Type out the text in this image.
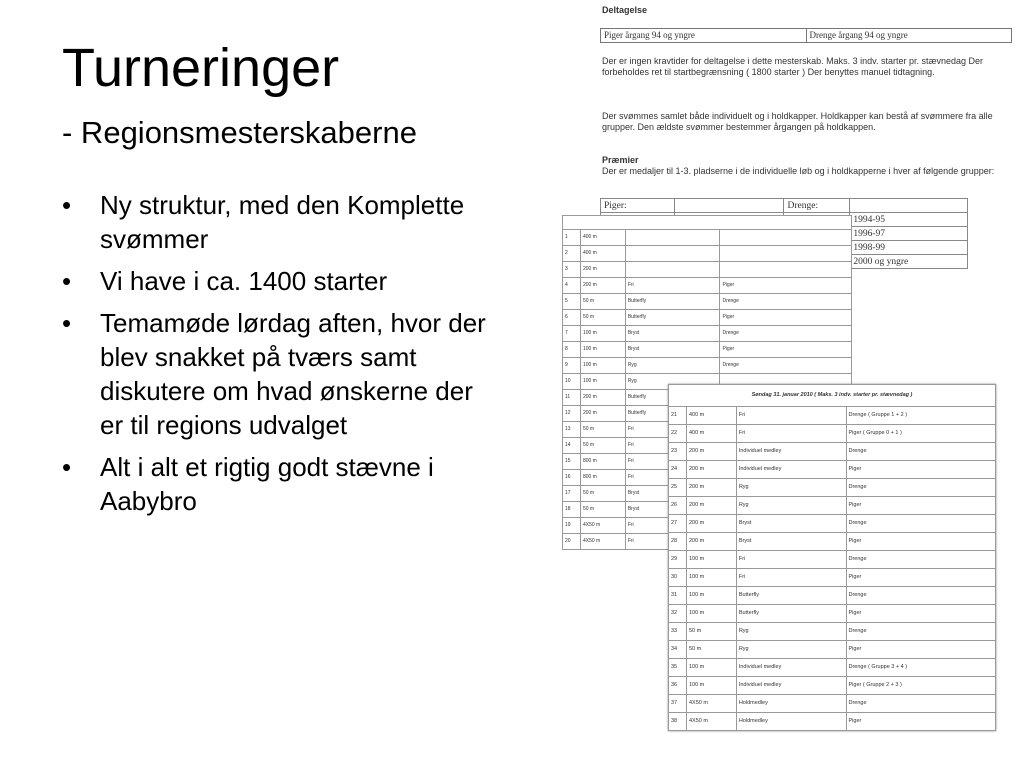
Turneringer
- Regionsmesterskaberne
• Ny struktur, med den Komplette svømmer
• Vi have i ca. 1400 starter
• Temamøde lørdag aften, hvor der blev snakket på tværs samt diskutere om hvad ønskerne der er til regions udvalget
• Alt i alt et rigtig godt stævne i Aabybro
Deltagelse
Piger årgang 94 og yngre	Drenge årgang 94 og yngre
Der er ingen kravtider for deltagelse i dette mesterskab. Maks. 3 indv. starter pr. stævnedag Der forbeholdes ret til startbegrænsning ( 1800 starter ) Der benyttes manuel tidtagning.
Der svømmes samlet både individuelt og i holdkapper. Holdkapper kan bestå af svømmere fra alle grupper. Den ældste svømmer bestemmer årgangen på holdkappen.
Præmier
Der er medaljer til 1-3. pladserne i de individuelle løb og i holdkapperne i hver af følgende grupper:
Piger:		Drenge:	
			1994-95
			1996-97
			1998-99
			2000 og yngre

1	400 m		
2	400 m		
3	200 m		
4	200 m	Fri	Piger
5	50 m	Butterfly	Drenge
6	50 m	Butterfly	Piger
7	100 m	Bryst	Drenge
8	100 m	Bryst	Piger
9	100 m	Ryg	Drenge
10	100 m	Ryg	
11	200 m	Butterfly	
12	200 m	Butterfly	
13	50 m	Fri	
14	50 m	Fri	
15	800 m	Fri	
16	800 m	Fri	
17	50 m	Bryst	
18	50 m	Bryst	
19	4X50 m	Fri	
20	4X50 m	Fri	
Søndag 31. januar 2010 ( Maks. 3 indv. starter pr. stævnedag )			
21	400 m	Fri	Drenge ( Gruppe 1 + 2 )
22	400 m	Fri	Piger ( Gruppe 0 + 1 )
23	200 m	Individuel medley	Drenge
24	200 m	Individuel medley	Piger
25	200 m	Ryg	Drenge
26	200 m	Ryg	Piger
27	200 m	Bryst	Drenge
28	200 m	Bryst	Piger
29	100 m	Fri	Drenge
30	100 m	Fri	Piger
31	100 m	Butterfly	Drenge
32	100 m	Butterfly	Piger
33	50 m	Ryg	Drenge
34	50 m	Ryg	Piger
35	100 m	Individuel medley	Drenge ( Gruppe 3 + 4 )
36	100 m	Individuel medley	Piger ( Gruppe 2 + 3 )
37	4X50 m	Holdmedley	Drenge
38	4X50 m	Holdmedley	Piger
